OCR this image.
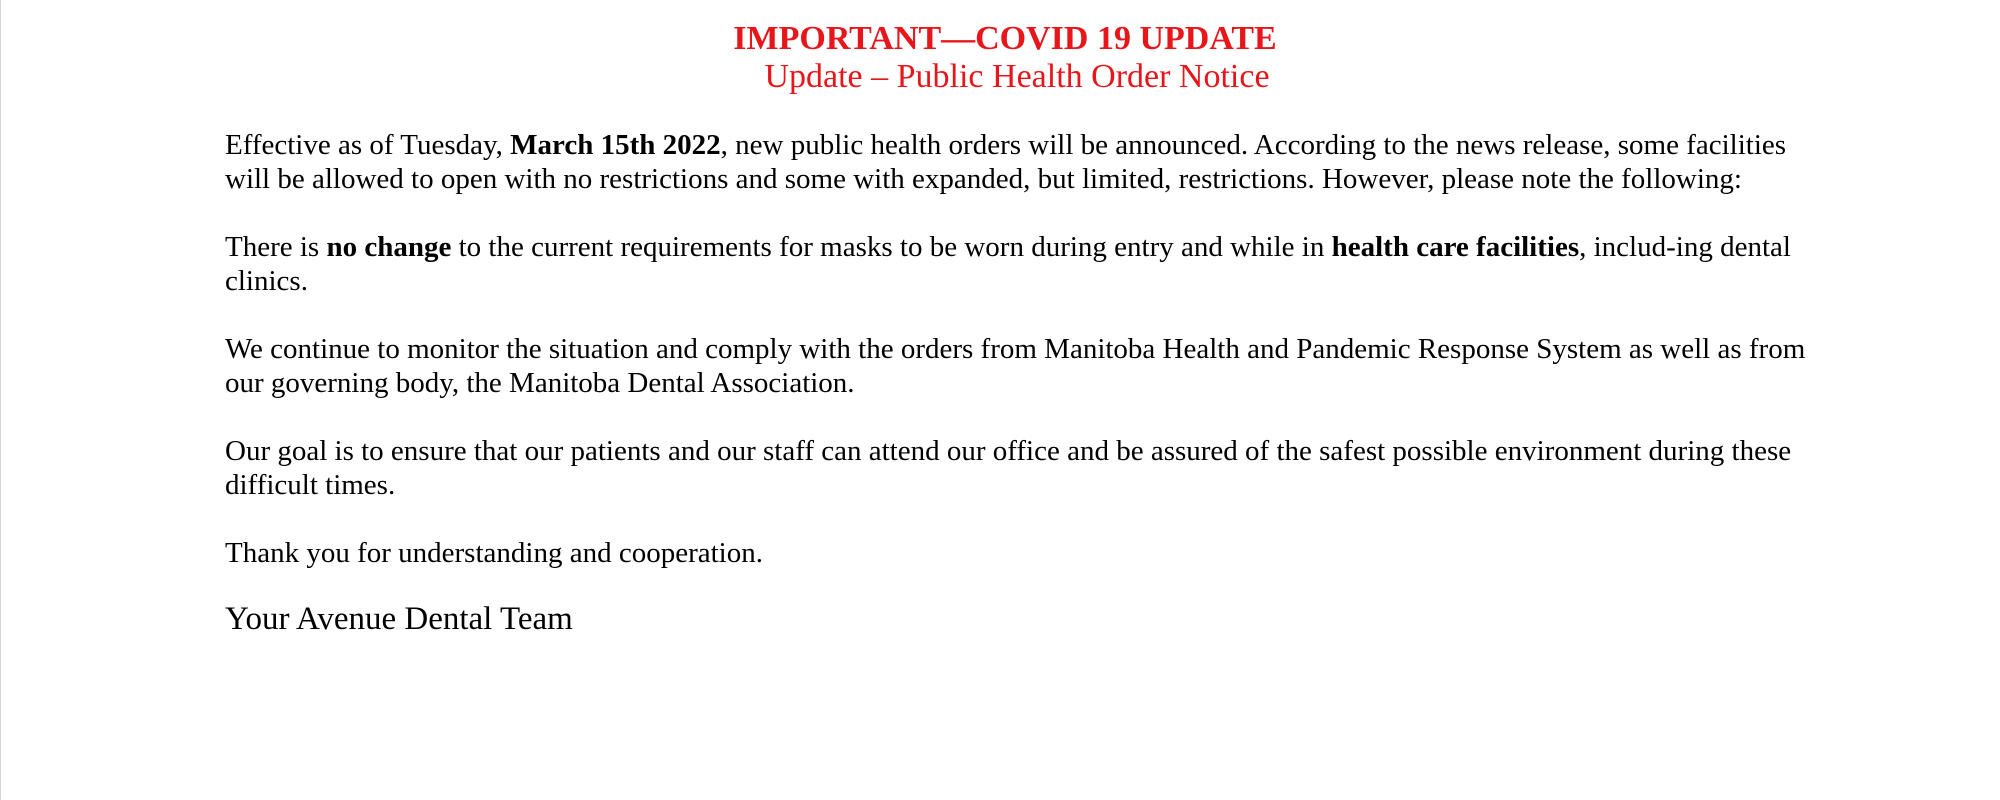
IMPORTANT—COVID 19 UPDATE

Update – Public Health Order Notice

Effective as of Tuesday, March 15th 2022, new public health orders will be announced. According to the news release, some facilities will be allowed to open with no restrictions and some with expanded, but limited, restrictions. However, please note the following:

There is no change to the current requirements for masks to be worn during entry and while in health care facilities, includ-ing dental clinics.

We continue to monitor the situation and comply with the orders from Manitoba Health and Pandemic Response System as well as from our governing body, the Manitoba Dental Association.

Our goal is to ensure that our patients and our staff can attend our office and be assured of the safest possible environment during these difficult times.

Thank you for understanding and cooperation.

Your Avenue Dental Team
